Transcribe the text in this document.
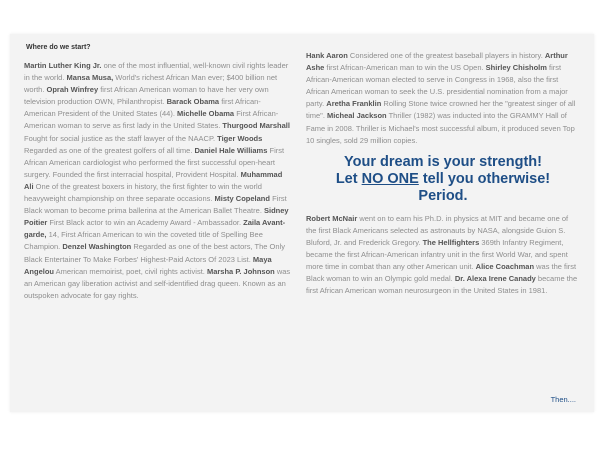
Where do we start?

Martin Luther King Jr. one of the most influential, well-known civil rights leader in the world. Mansa Musa, World's richest African Man ever; $400 billion net worth. Oprah Winfrey first African American woman to have her very own television production OWN, Philanthropist. Barack Obama first African-American President of the United States (44). Michelle Obama First African-American woman to serve as first lady in the United States. Thurgood Marshall Fought for social justice as the staff lawyer of the NAACP. Tiger Woods Regarded as one of the greatest golfers of all time. Daniel Hale Williams First African American cardiologist who performed the first successful open-heart surgery. Founded the first interracial hospital, Provident Hospital. Muhammad Ali One of the greatest boxers in history, the first fighter to win the world heavyweight championship on three separate occasions. Misty Copeland First Black woman to become prima ballerina at the American Ballet Theatre. Sidney Poitier First Black actor to win an Academy Award - Ambassador. Zaila Avant-garde, 14, First African American to win the coveted title of Spelling Bee Champion. Denzel Washington Regarded as one of the best actors, The Only Black Entertainer To Make Forbes' Highest-Paid Actors Of 2023 List. Maya Angelou American memoirist, poet, civil rights activist. Marsha P. Johnson was an American gay liberation activist and self-identified drag queen. Known as an outspoken advocate for gay rights.

Hank Aaron Considered one of the greatest baseball players in history. Arthur Ashe first African-American man to win the US Open. Shirley Chisholm first African-American woman elected to serve in Congress in 1968, also the first African American woman to seek the U.S. presidential nomination from a major party. Aretha Franklin Rolling Stone twice crowned her the "greatest singer of all time". Micheal Jackson Thriller (1982) was inducted into the GRAMMY Hall of Fame in 2008. Thriller is Michael's most successful album, it produced seven Top 10 singles, sold 29 million copies.

Your dream is your strength!
Let NO ONE tell you otherwise!
Period.

Robert McNair went on to earn his Ph.D. in physics at MIT and became one of the first Black Americans selected as astronauts by NASA, alongside Guion S. Bluford, Jr. and Frederick Gregory. The Hellfighters 369th Infantry Regiment, became the first African-American infantry unit in the first World War, and spent more time in combat than any other American unit. Alice Coachman was the first Black woman to win an Olympic gold medal. Dr. Alexa Irene Canady became the first African American woman neurosurgeon in the United States in 1981.

Then....
